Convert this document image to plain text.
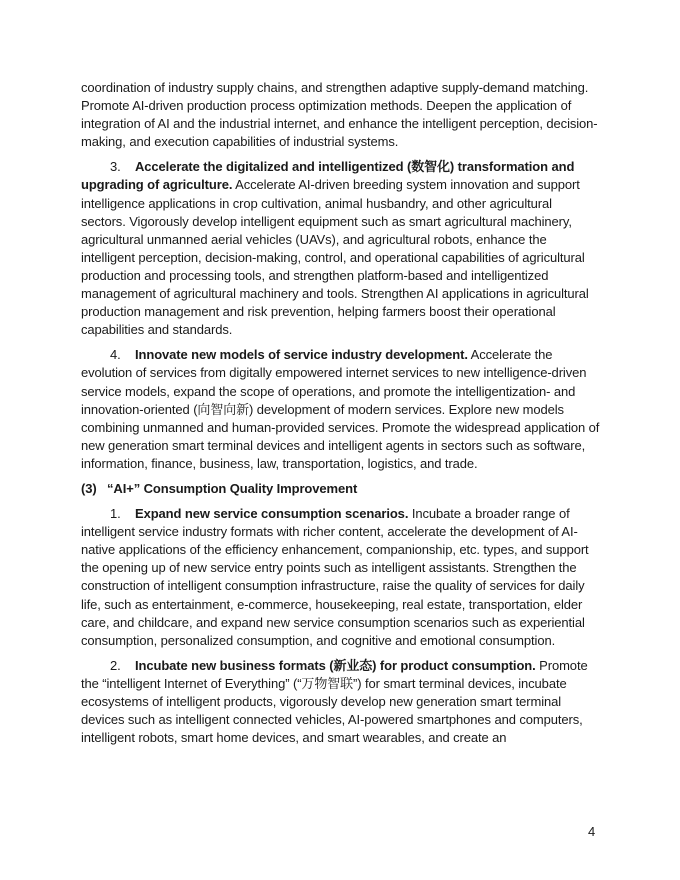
coordination of industry supply chains, and strengthen adaptive supply-demand matching. Promote AI-driven production process optimization methods. Deepen the application of integration of AI and the industrial internet, and enhance the intelligent perception, decision-making, and execution capabilities of industrial systems.

3. Accelerate the digitalized and intelligentized (数智化) transformation and upgrading of agriculture. Accelerate AI-driven breeding system innovation and support intelligence applications in crop cultivation, animal husbandry, and other agricultural sectors. Vigorously develop intelligent equipment such as smart agricultural machinery, agricultural unmanned aerial vehicles (UAVs), and agricultural robots, enhance the intelligent perception, decision-making, control, and operational capabilities of agricultural production and processing tools, and strengthen platform-based and intelligentized management of agricultural machinery and tools. Strengthen AI applications in agricultural production management and risk prevention, helping farmers boost their operational capabilities and standards.

4. Innovate new models of service industry development. Accelerate the evolution of services from digitally empowered internet services to new intelligence-driven service models, expand the scope of operations, and promote the intelligentization- and innovation-oriented (向智向新) development of modern services. Explore new models combining unmanned and human-provided services. Promote the widespread application of new generation smart terminal devices and intelligent agents in sectors such as software, information, finance, business, law, transportation, logistics, and trade.

(3) “AI+” Consumption Quality Improvement

1. Expand new service consumption scenarios. Incubate a broader range of intelligent service industry formats with richer content, accelerate the development of AI-native applications of the efficiency enhancement, companionship, etc. types, and support the opening up of new service entry points such as intelligent assistants. Strengthen the construction of intelligent consumption infrastructure, raise the quality of services for daily life, such as entertainment, e-commerce, housekeeping, real estate, transportation, elder care, and childcare, and expand new service consumption scenarios such as experiential consumption, personalized consumption, and cognitive and emotional consumption.

2. Incubate new business formats (新业态) for product consumption. Promote the “intelligent Internet of Everything” (“万物智联”) for smart terminal devices, incubate ecosystems of intelligent products, vigorously develop new generation smart terminal devices such as intelligent connected vehicles, AI-powered smartphones and computers, intelligent robots, smart home devices, and smart wearables, and create an

4
